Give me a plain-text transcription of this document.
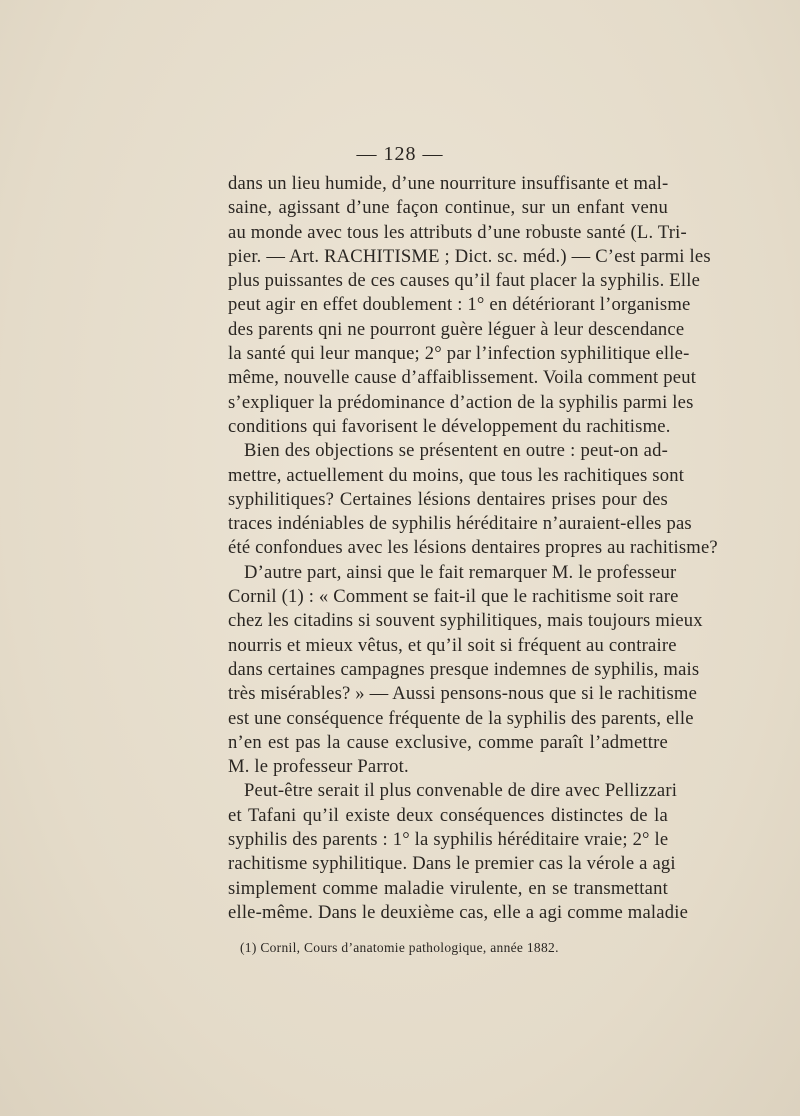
— 128 —
dans un lieu humide, d’une nourriture insuffisante et mal-
saine, agissant d’une façon continue, sur un enfant venu
au monde avec tous les attributs d’une robuste santé (L. Tri-
pier. — Art. RACHITISME ; Dict. sc. méd.) — C’est parmi les
plus puissantes de ces causes qu’il faut placer la syphilis. Elle
peut agir en effet doublement : 1° en détériorant l’organisme
des parents qni ne pourront guère léguer à leur descendance
la santé qui leur manque; 2° par l’infection syphilitique elle-
même, nouvelle cause d’affaiblissement. Voila comment peut
s’expliquer la prédominance d’action de la syphilis parmi les
conditions qui favorisent le développement du rachitisme.
Bien des objections se présentent en outre : peut-on ad-
mettre, actuellement du moins, que tous les rachitiques sont
syphilitiques? Certaines lésions dentaires prises pour des
traces indéniables de syphilis héréditaire n’auraient-elles pas
été confondues avec les lésions dentaires propres au rachitisme?
D’autre part, ainsi que le fait remarquer M. le professeur
Cornil (1) : « Comment se fait-il que le rachitisme soit rare
chez les citadins si souvent syphilitiques, mais toujours mieux
nourris et mieux vêtus, et qu’il soit si fréquent au contraire
dans certaines campagnes presque indemnes de syphilis, mais
très misérables? » — Aussi pensons-nous que si le rachitisme
est une conséquence fréquente de la syphilis des parents, elle
n’en est pas la cause exclusive, comme paraît l’admettre
M. le professeur Parrot.
Peut-être serait il plus convenable de dire avec Pellizzari
et Tafani qu’il existe deux conséquences distinctes de la
syphilis des parents : 1° la syphilis héréditaire vraie; 2° le
rachitisme syphilitique. Dans le premier cas la vérole a agi
simplement comme maladie virulente, en se transmettant
elle-même. Dans le deuxième cas, elle a agi comme maladie
(1) Cornil, Cours d’anatomie pathologique, année 1882.
